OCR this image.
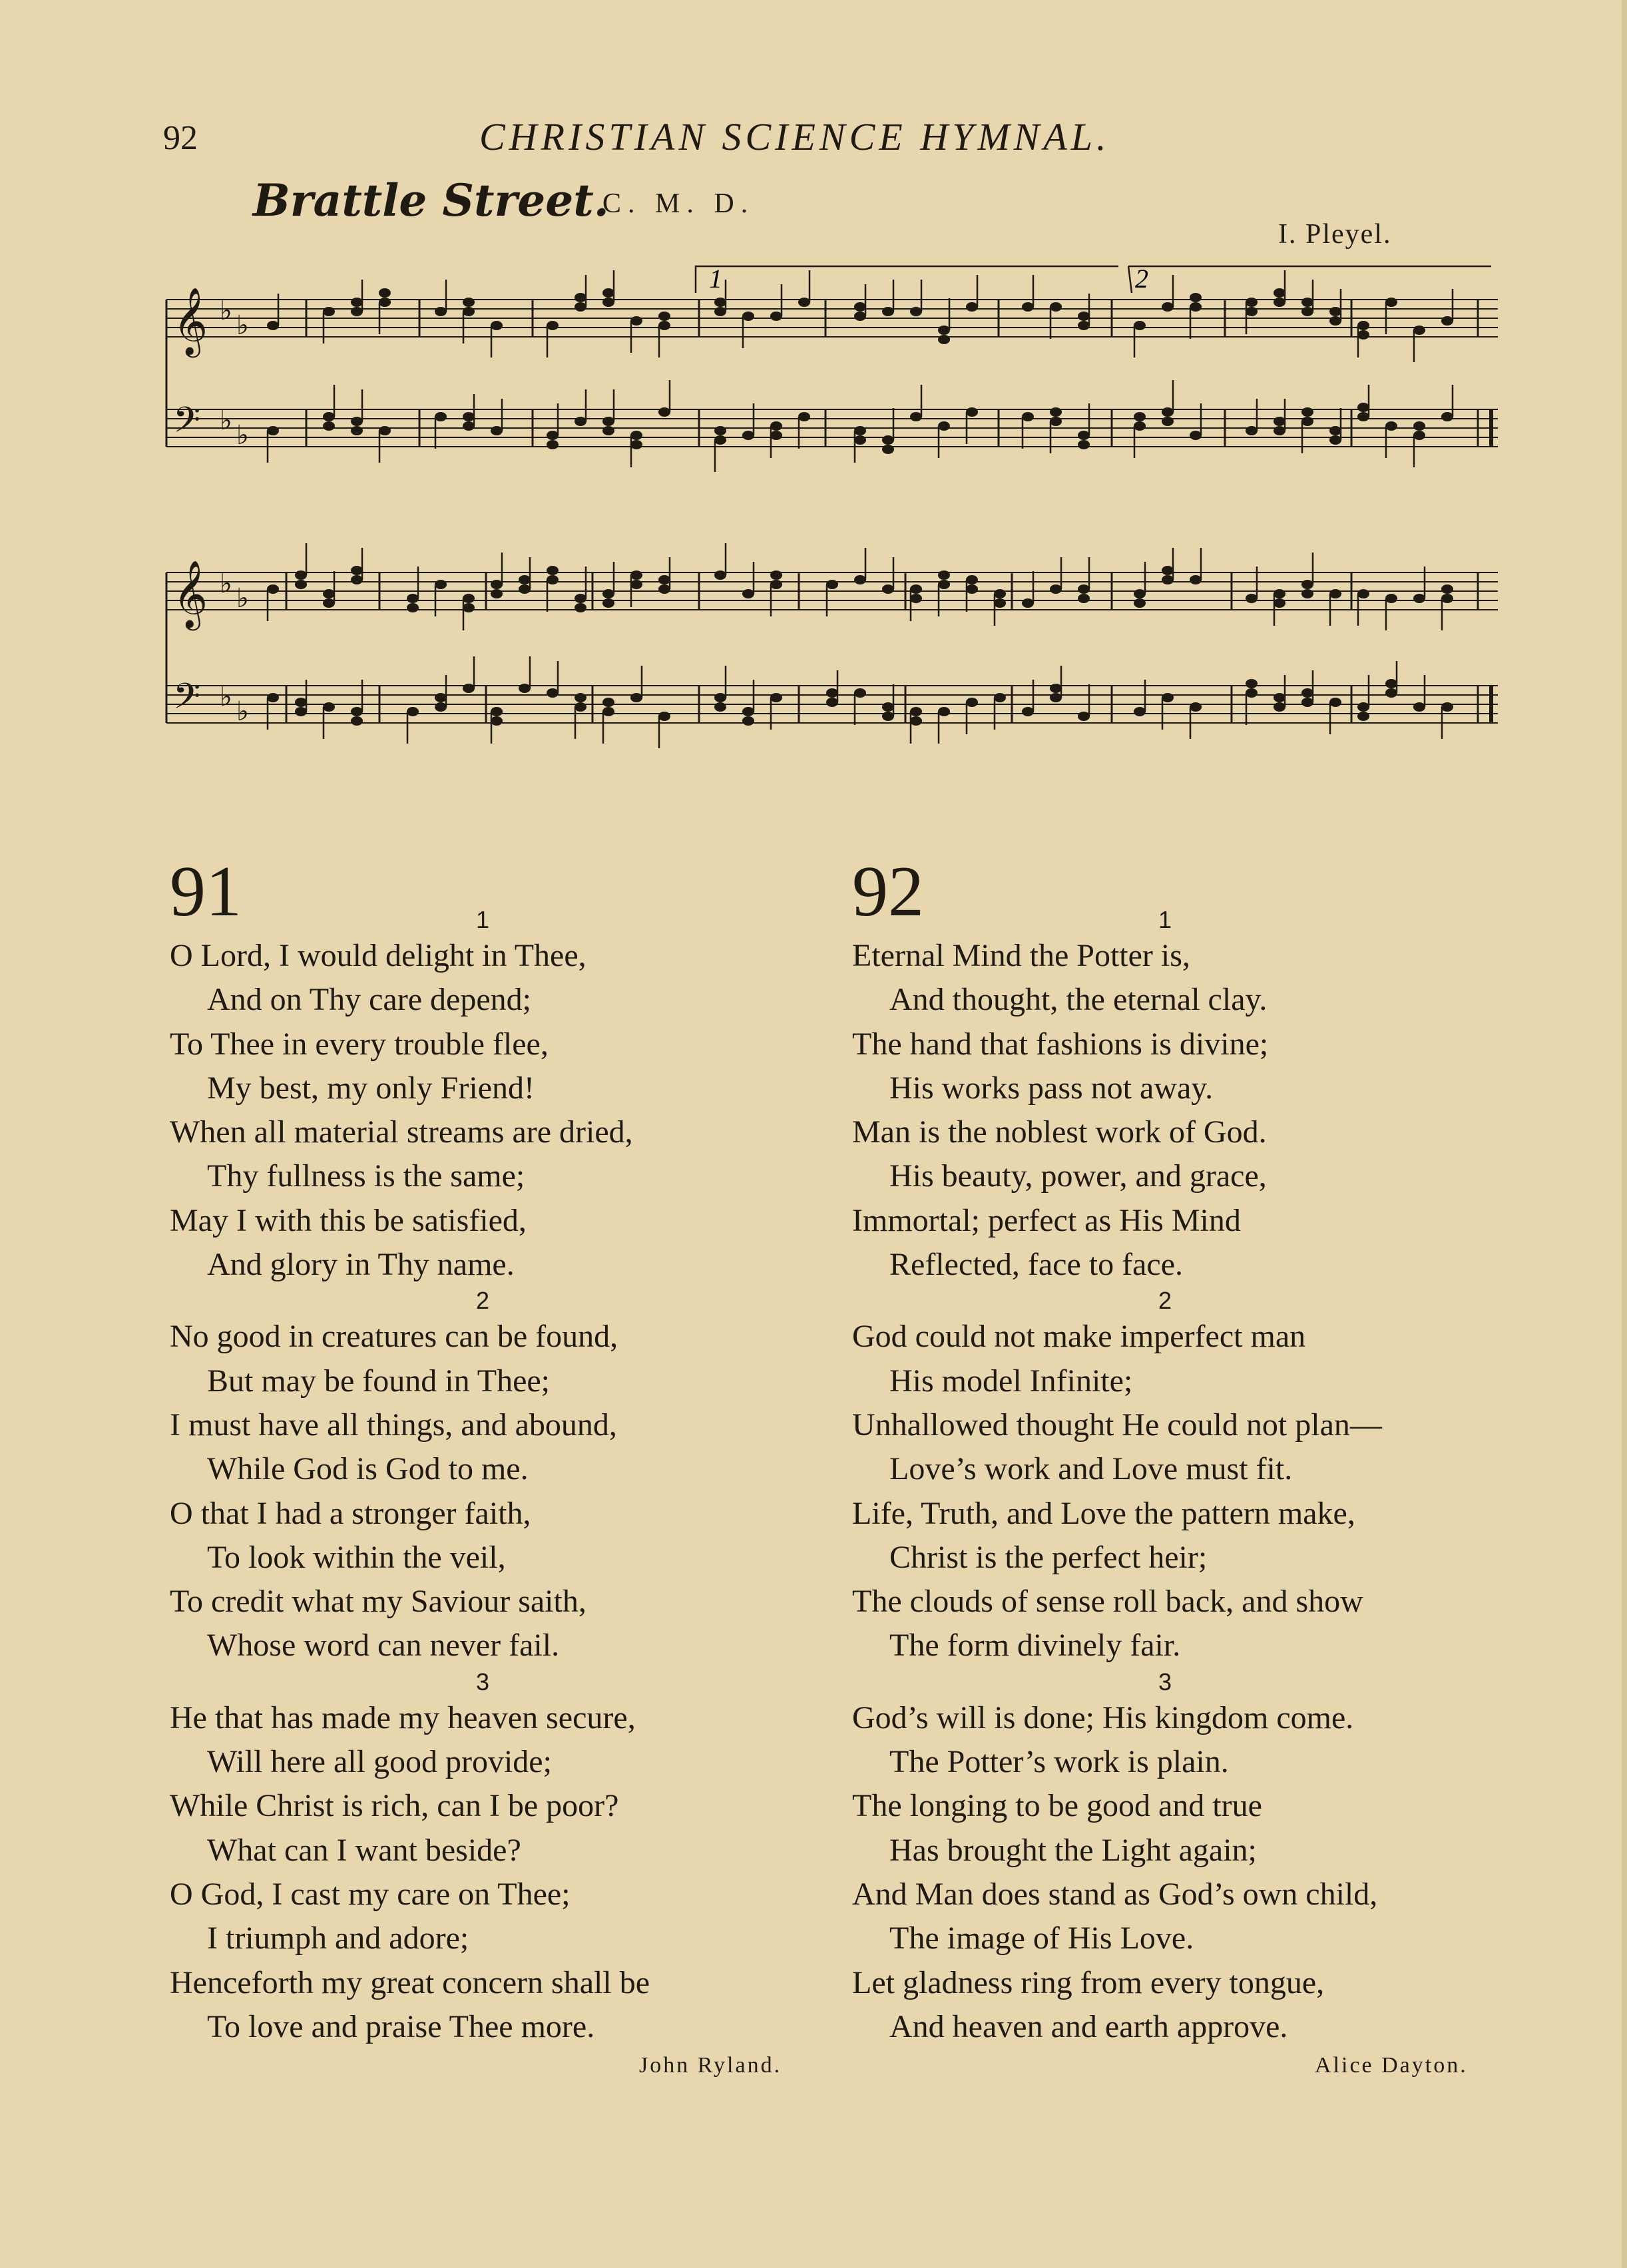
92	CHRISTIAN SCIENCE HYMNAL.
Brattle Street.
C. M. D.
I. Pleyel.
𝄞 ♭ ♭
𝄢 ♭ ♭
𝄞 ♭ ♭
𝄢 ♭ ♭
1	2
91	1
O Lord, I would delight in Thee,
And on Thy care depend;
To Thee in every trouble flee,
My best, my only Friend!
When all material streams are dried,
Thy fullness is the same;
May I with this be satisfied,
And glory in Thy name.
2
No good in creatures can be found,
But may be found in Thee;
I must have all things, and abound,
While God is God to me.
O that I had a stronger faith,
To look within the veil,
To credit what my Saviour saith,
Whose word can never fail.
3
He that has made my heaven secure,
Will here all good provide;
While Christ is rich, can I be poor?
What can I want beside?
O God, I cast my care on Thee;
I triumph and adore;
Henceforth my great concern shall be
To love and praise Thee more.
John Ryland.
92	1
Eternal Mind the Potter is,
And thought, the eternal clay.
The hand that fashions is divine;
His works pass not away.
Man is the noblest work of God.
His beauty, power, and grace,
Immortal; perfect as His Mind
Reflected, face to face.
2
God could not make imperfect man
His model Infinite;
Unhallowed thought He could not plan—
Love’s work and Love must fit.
Life, Truth, and Love the pattern make,
Christ is the perfect heir;
The clouds of sense roll back, and show
The form divinely fair.
3
God’s will is done; His kingdom come.
The Potter’s work is plain.
The longing to be good and true
Has brought the Light again;
And Man does stand as God’s own child,
The image of His Love.
Let gladness ring from every tongue,
And heaven and earth approve.
Alice Dayton.
